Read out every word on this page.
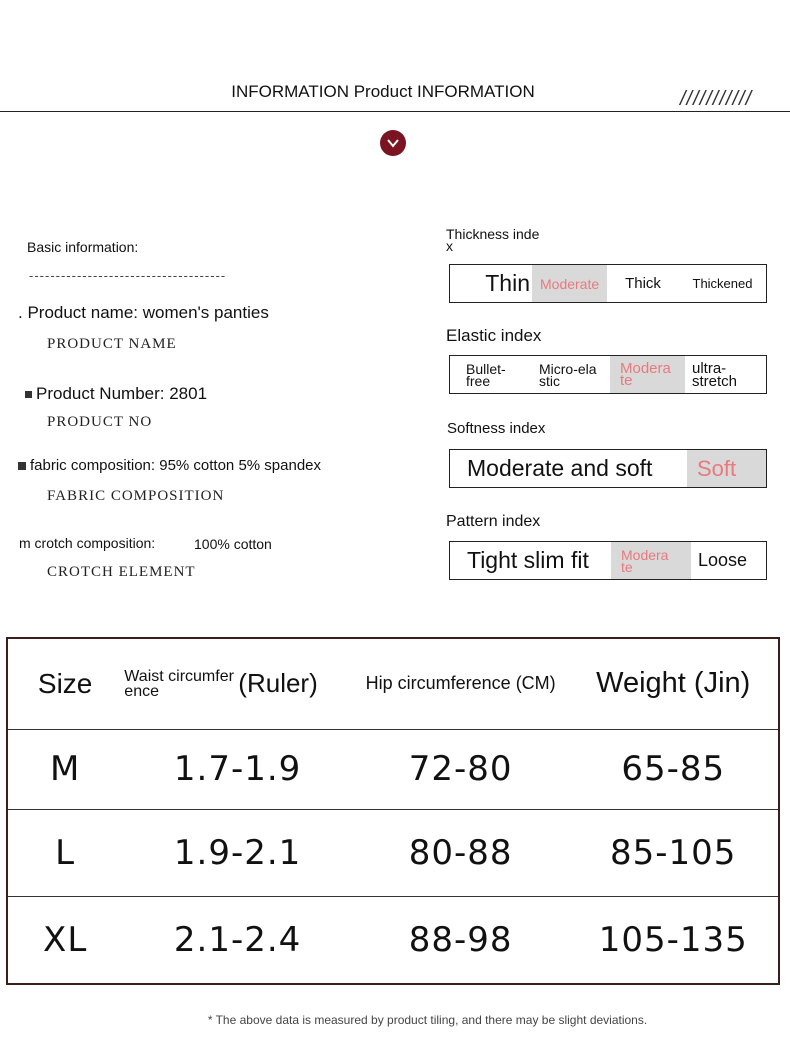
INFORMATION Product INFORMATION	///////////
Basic information:
-------------------------------------
. Product name: women's panties
PRODUCT NAME
Product Number: 2801
PRODUCT NO
fabric composition: 95% cotton 5% spandex
FABRIC COMPOSITION
m crotch composition:	100% cotton
CROTCH ELEMENT
Thickness index
Thin Moderate	Thick	Thickened
Elastic index
Bullet-free
Micro-elastic
Moderate
ultra-stretch
Softness index
Moderate and soft	Soft
Pattern index
Tight slim fit	Moderate	Loose
Size	Waist circumference (Ruler)	Hip circumference (CM)	Weight (Jin)
M	1.7-1.9	72-80	65-85
L	1.9-2.1	80-88	85-105
XL	2.1-2.4	88-98	105-135
* The above data is measured by product tiling, and there may be slight deviations.
